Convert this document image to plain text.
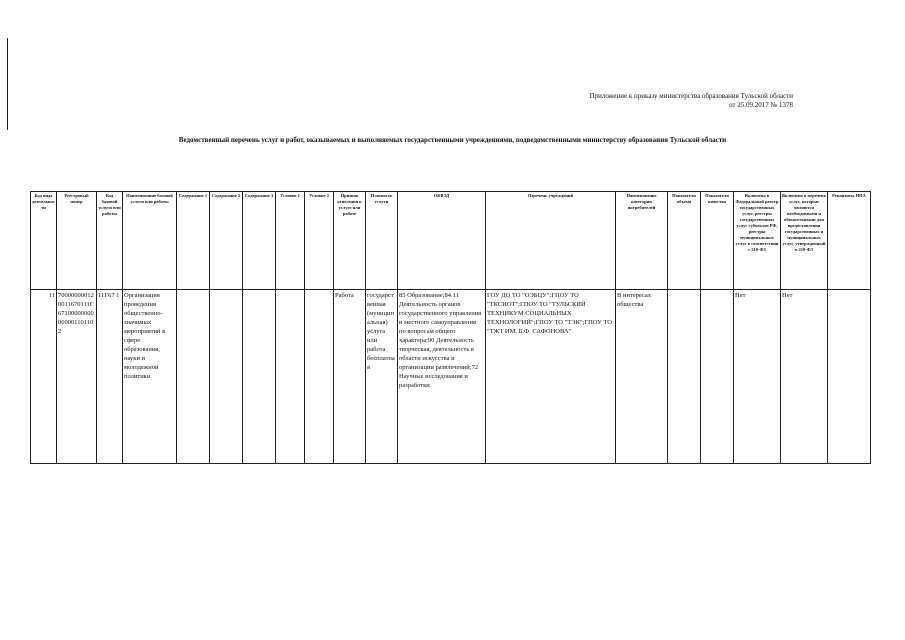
Приложение к приказу министерства образования Тульской области
от 25.09.2017 № 1378
Ведомственный перечень услуг и работ, оказываемых и выполняемых государственными учреждениями, подведомственными министерству образования Тульской области
Код вида деятельности	Реестровый номер	Код базовой услуги или работы	Наименование базовой услуги или работы	Содержание 1	Содержание 2	Содержание 3	Условие 1	Условие 2	Признак отнесения к услуге или работе	Платность услуги	ОКВЭД	Перечень учреждений	Наименование категории потребителей	Показатели объема	Показатели качества	Включена в Федеральный реестр государственных услуг, реестры государственных услуг субъектов РФ, реестры муниципальных услуг в соответствии с 210-ФЗ	Включена в перечень услуг, которые являются необходимыми и обязательными для предоставления государственных и муниципальных услуг, утвержденный в 210-ФЗ	Реквизиты НПА
11	700000000120011670111Г67100000000000001101102	11Г67 1	Организация проведения общественно-значимых мероприятий в сфере образования, науки и молодежной политики						Работа	государственная (муниципальная) услуга или работа бесплатная	85 Образование;84.11 Деятельность органов государственного управления и местного самоуправления по вопросам общего характера;90 Деятельность творческая, деятельность в области искусства и организации развлечений;72 Научные исследования и разработки	ГОУ ДО ТО "ОЭБЦУ";ГПОУ ТО "ТКСИОТ";ГПОУ ТО "ТУЛЬСКИЙ ТЕХНИКУМ СОЦИАЛЬНЫХ ТЕХНОЛОГИЙ";ГПОУ ТО "ТЭК";ГПОУ ТО "ТЖТ ИМ. Б.Ф. САФОНОВА"	В интересах общества			Нет	Нет	
